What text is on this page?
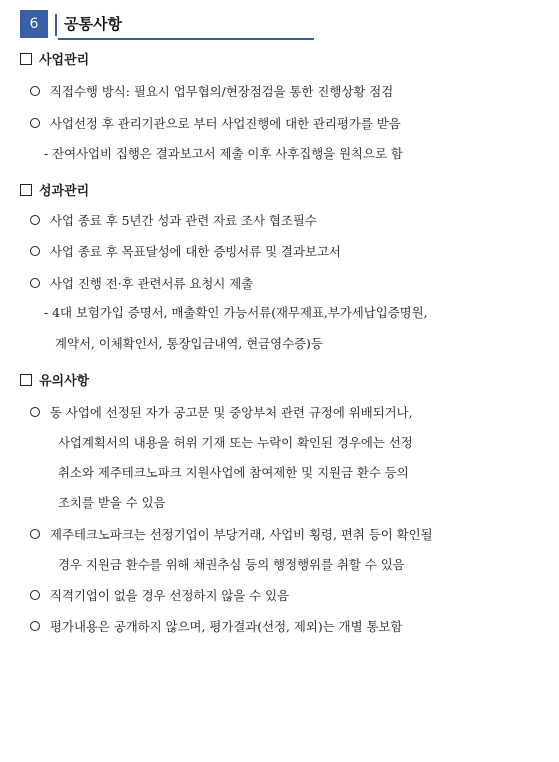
6	공통사항
사업관리
직접수행 방식: 필요시 업무협의/현장점검을 통한 진행상황 점검
사업선정 후 관리기관으로 부터 사업진행에 대한 관리평가를 받음
- 잔여사업비 집행은 결과보고서 제출 이후 사후집행을 원칙으로 함
성과관리
사업 종료 후 5년간 성과 관련 자료 조사 협조필수
사업 종료 후 목표달성에 대한 증빙서류 및 결과보고서
사업 진행 전·후 관련서류 요청시 제출
- 4대 보험가입 증명서, 매출확인 가능서류(재무제표,부가세납입증명원,
계약서, 이체확인서, 통장입금내역, 현금영수증)등
유의사항
동 사업에 선정된 자가 공고문 및 중앙부처 관련 규정에 위배되거나,
사업계획서의 내용을 허위 기재 또는 누락이 확인된 경우에는 선정
취소와 제주테크노파크 지원사업에 참여제한 및 지원금 환수 등의
조치를 받을 수 있음
제주테크노파크는 선정기업이 부당거래, 사업비 횡령, 편취 등이 확인될
경우 지원금 환수를 위해 채권추심 등의 행정행위를 취할 수 있음
직격기업이 없을 경우 선정하지 않을 수 있음
평가내용은 공개하지 않으며, 평가결과(선정, 제외)는 개별 통보함
